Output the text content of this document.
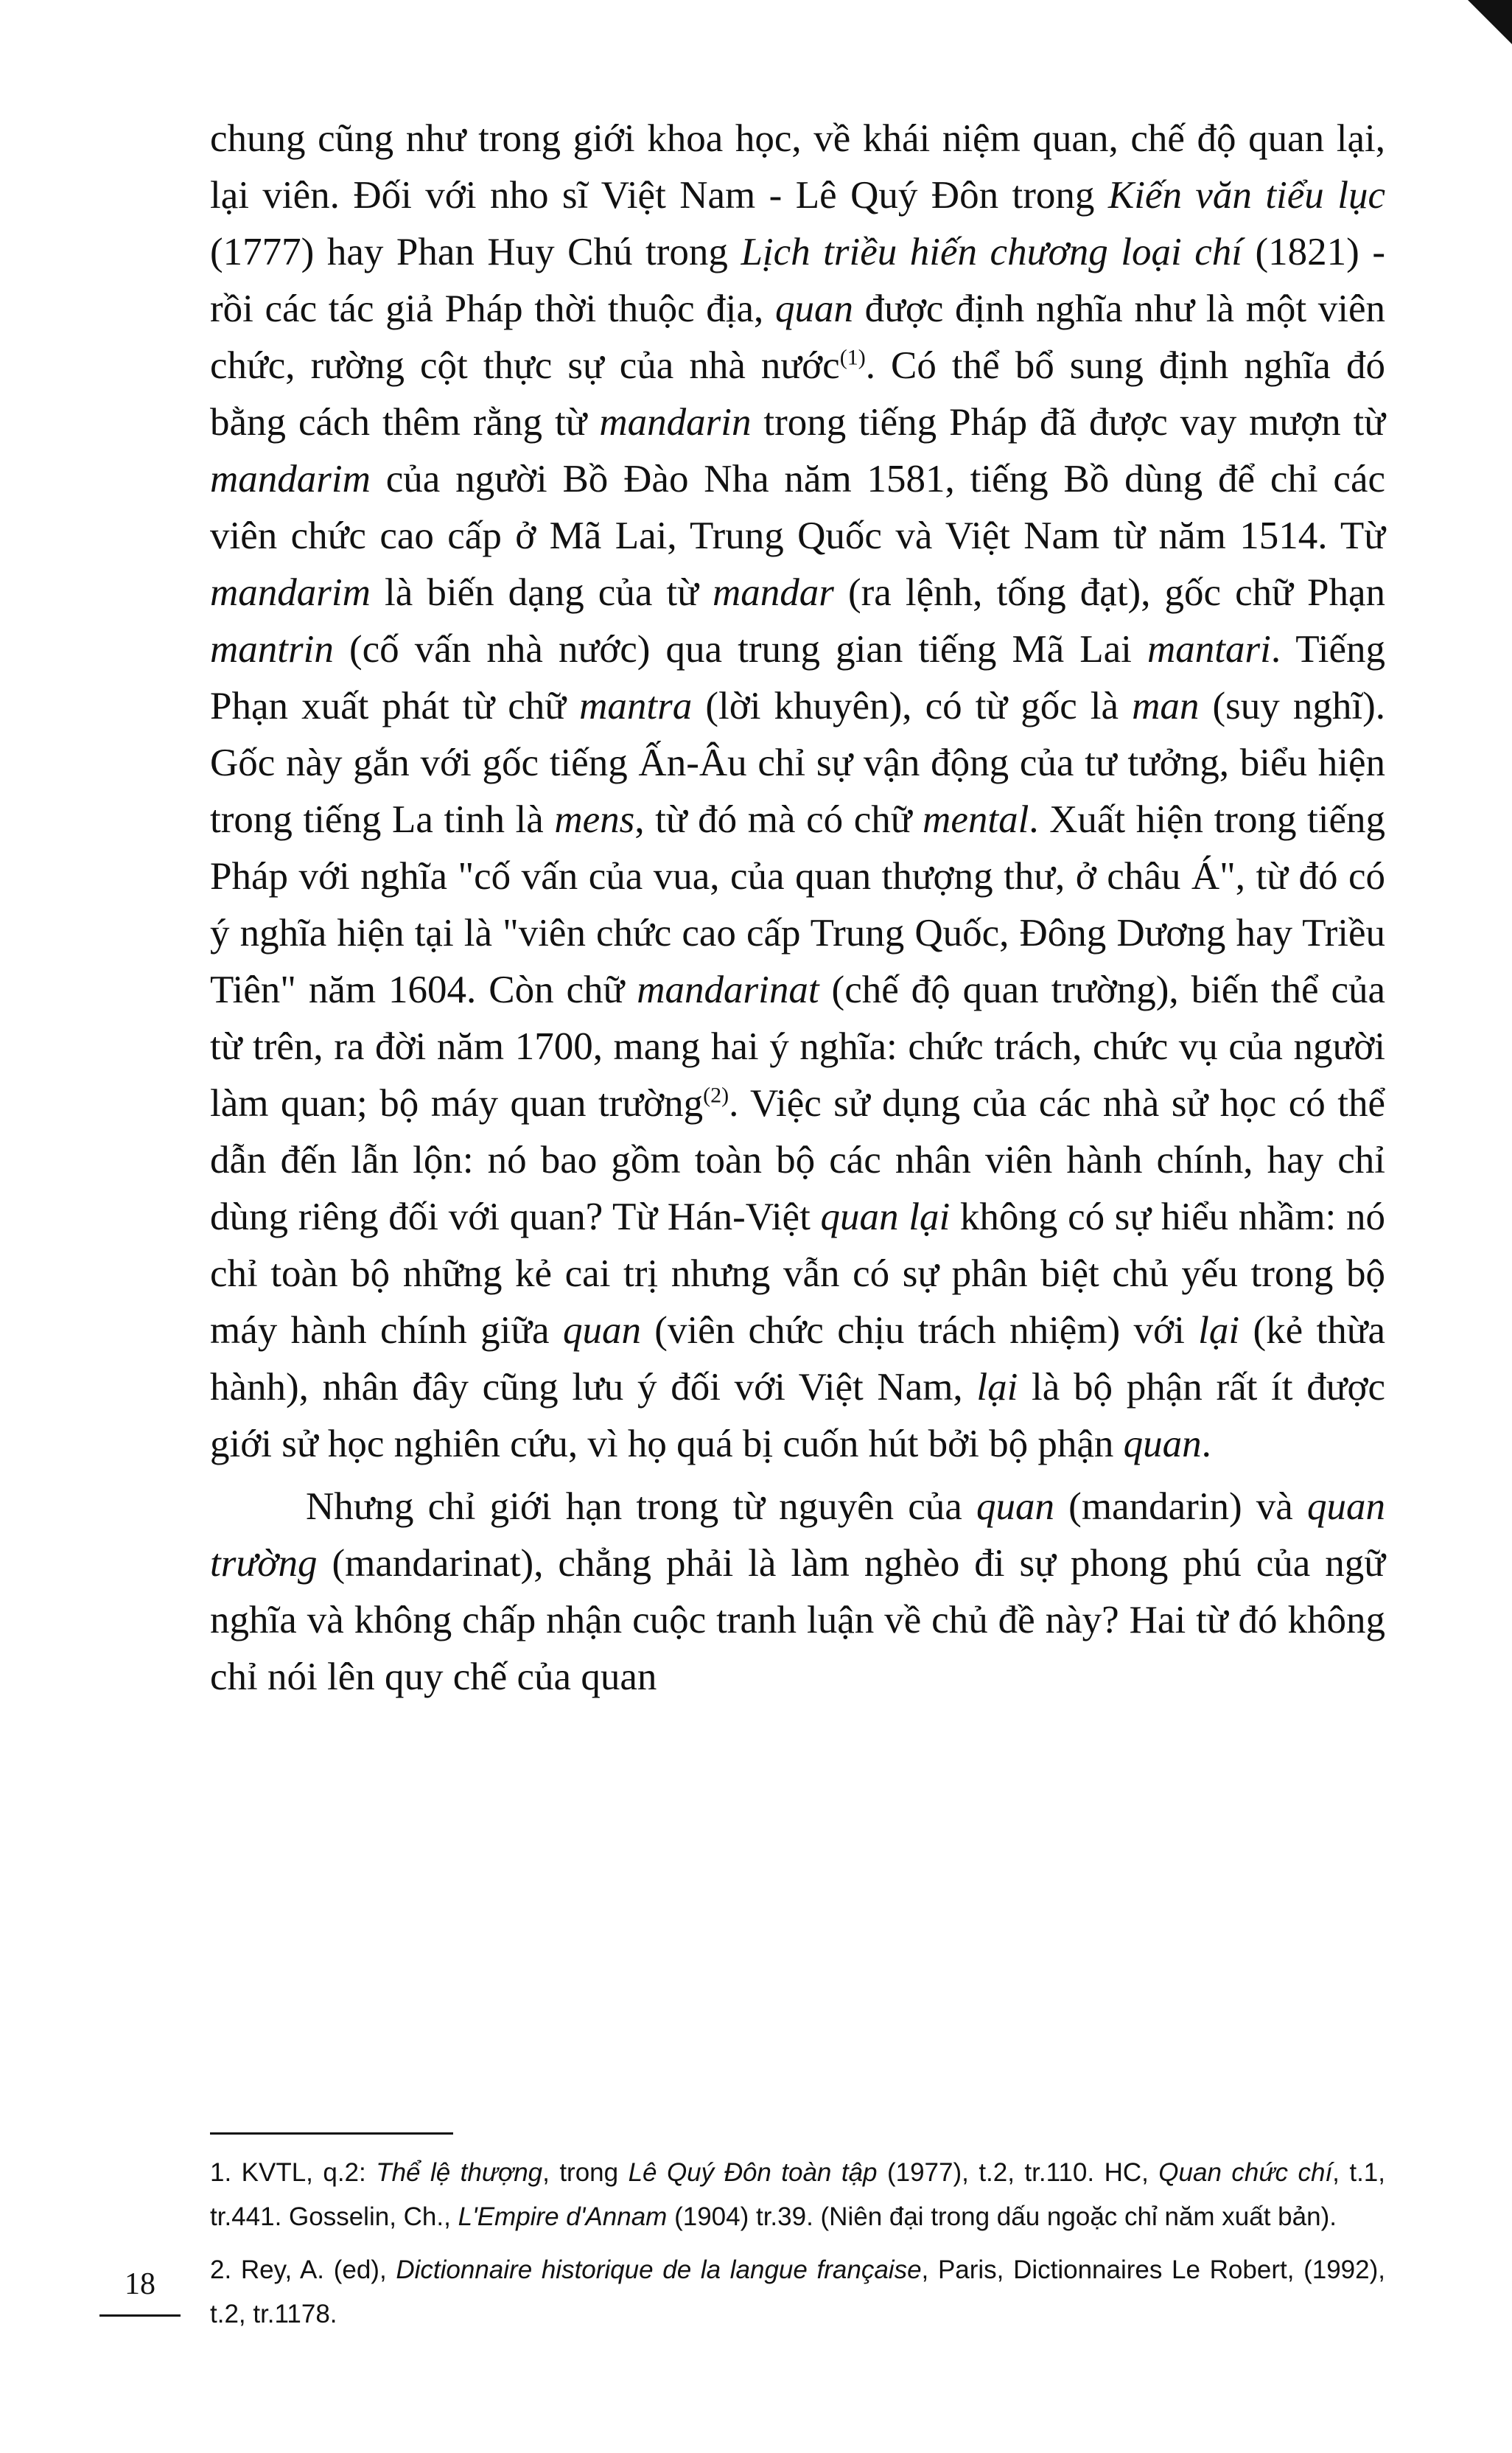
chung cũng như trong giới khoa học, về khái niệm quan, chế độ quan lại, lại viên. Đối với nho sĩ Việt Nam - Lê Quý Đôn trong Kiến văn tiểu lục (1777) hay Phan Huy Chú trong Lịch triều hiến chương loại chí (1821) - rồi các tác giả Pháp thời thuộc địa, quan được định nghĩa như là một viên chức, rường cột thực sự của nhà nước$^{(1)}$. Có thể bổ sung định nghĩa đó bằng cách thêm rằng từ mandarin trong tiếng Pháp đã được vay mượn từ mandarim của người Bồ Đào Nha năm 1581, tiếng Bồ dùng để chỉ các viên chức cao cấp ở Mã Lai, Trung Quốc và Việt Nam từ năm 1514. Từ mandarim là biến dạng của từ mandar (ra lệnh, tống đạt), gốc chữ Phạn mantrin (cố vấn nhà nước) qua trung gian tiếng Mã Lai mantari. Tiếng Phạn xuất phát từ chữ mantra (lời khuyên), có từ gốc là man (suy nghĩ). Gốc này gắn với gốc tiếng Ấn-Âu chỉ sự vận động của tư tưởng, biểu hiện trong tiếng La tinh là mens, từ đó mà có chữ mental. Xuất hiện trong tiếng Pháp với nghĩa "cố vấn của vua, của quan thượng thư, ở châu Á", từ đó có ý nghĩa hiện tại là "viên chức cao cấp Trung Quốc, Đông Dương hay Triều Tiên" năm 1604. Còn chữ mandarinat (chế độ quan trường), biến thể của từ trên, ra đời năm 1700, mang hai ý nghĩa: chức trách, chức vụ của người làm quan; bộ máy quan trường$^{(2)}$. Việc sử dụng của các nhà sử học có thể dẫn đến lẫn lộn: nó bao gồm toàn bộ các nhân viên hành chính, hay chỉ dùng riêng đối với quan? Từ Hán-Việt quan lại không có sự hiểu nhầm: nó chỉ toàn bộ những kẻ cai trị nhưng vẫn có sự phân biệt chủ yếu trong bộ máy hành chính giữa quan (viên chức chịu trách nhiệm) với lại (kẻ thừa hành), nhân đây cũng lưu ý đối với Việt Nam, lại là bộ phận rất ít được giới sử học nghiên cứu, vì họ quá bị cuốn hút bởi bộ phận quan.

Nhưng chỉ giới hạn trong từ nguyên của quan (mandarin) và quan trường (mandarinat), chẳng phải là làm nghèo đi sự phong phú của ngữ nghĩa và không chấp nhận cuộc tranh luận về chủ đề này? Hai từ đó không chỉ nói lên quy chế của quan

1. KVTL, q.2: Thể lệ thượng, trong Lê Quý Đôn toàn tập (1977), t.2, tr.110. HC, Quan chức chí, t.1, tr.441. Gosselin, Ch., L'Empire d'Annam (1904) tr.39. (Niên đại trong dấu ngoặc chỉ năm xuất bản).

2. Rey, A. (ed), Dictionnaire historique de la langue française, Paris, Dictionnaires Le Robert, (1992), t.2, tr.1178.

18
